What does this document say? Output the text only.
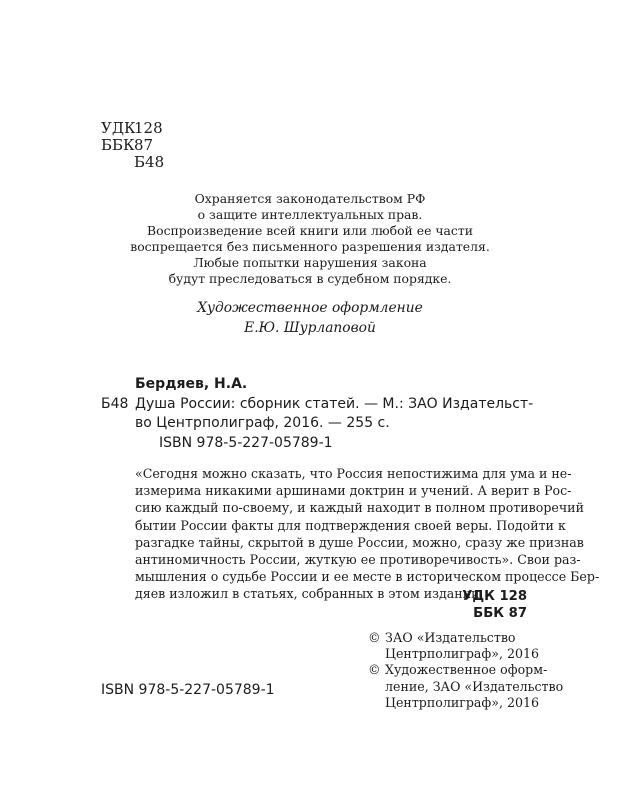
УДК
128
ББК 87
Б48
Охраняется законодательством РФ
о защите интеллектуальных прав.
Воспроизведение всей книги или любой ее части
воспрещается без письменного разрешения издателя.
Любые попытки нарушения закона
будут преследоваться в судебном порядке.
Художественное оформление
Е.Ю. Шурлаповой
Бердяев, Н.А.
Б48 Душа России: сборник статей. — М.: ЗАО Издательст-
во Центрполиграф, 2016. — 255 с.
ISBN 978-5-227-05789-1
«Сегодня можно сказать, что Россия непостижима для ума и не-
измерима никакими аршинами доктрин и учений. А верит в Рос-
сию каждый по-своему, и каждый находит в полном противоречий
бытии России факты для подтверждения своей веры. Подойти к
разгадке тайны, скрытой в душе России, можно, сразу же признав
антиномичность России, жуткую ее противоречивость». Свои раз-
мышления о судьбе России и ее месте в историческом процессе Бер-
дяев изложил в статьях, собранных в этом издании.
УДК 128
ББК 87
© ЗАО «Издательство
Центрполиграф», 2016
© Художественное оформ-
ление, ЗАО «Издательство
Центрполиграф», 2016
ISBN 978-5-227-05789-1
